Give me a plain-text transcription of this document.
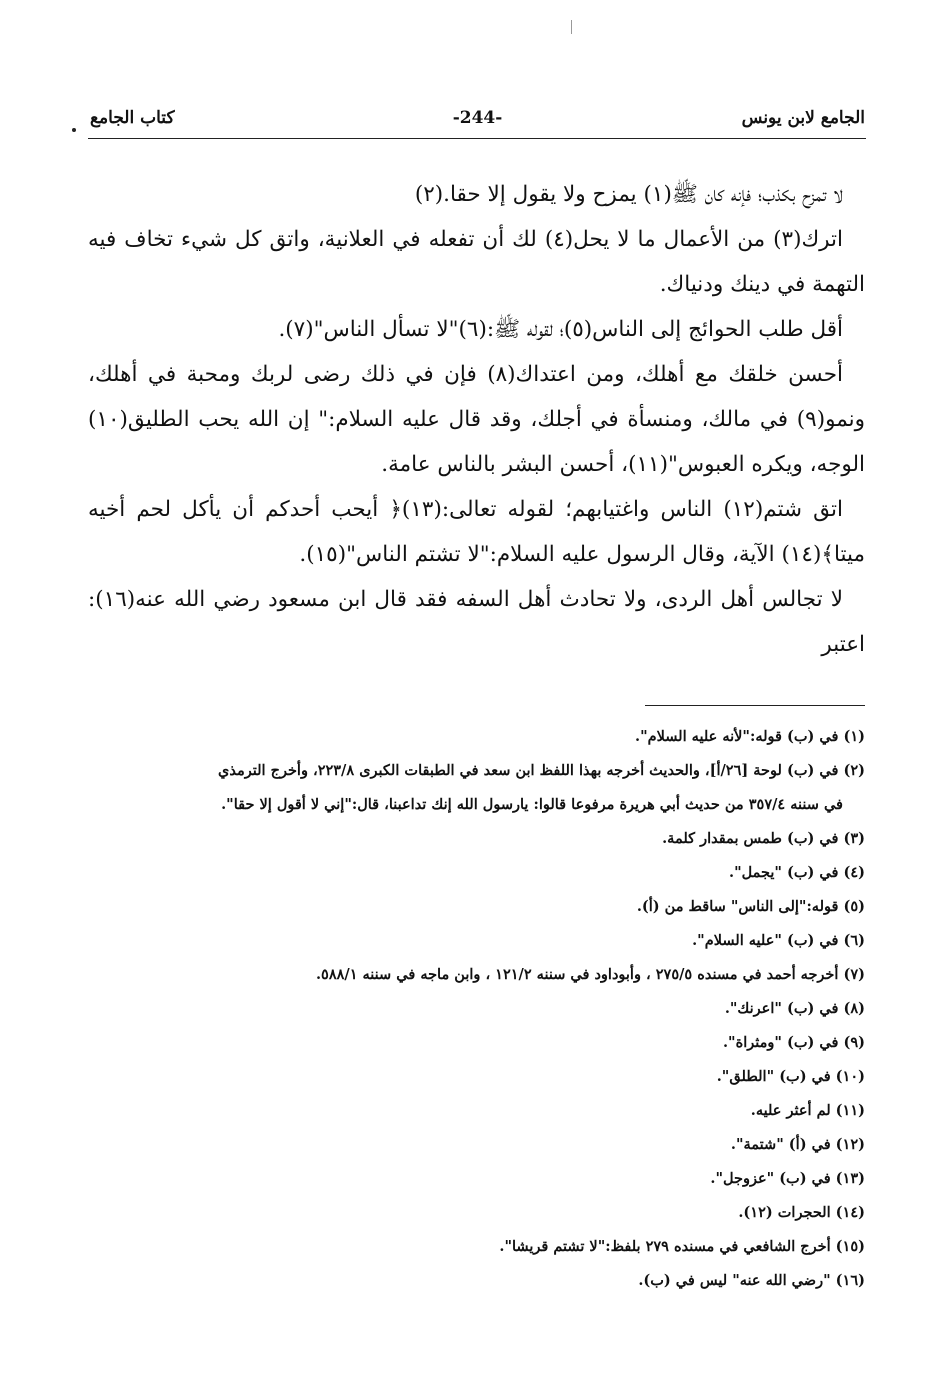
الجامع لابن يونس
-244-
كتاب الجامع

لا تمزح بكذب؛ فإنه كان ﷺ(١) يمزح ولا يقول إلا حقا.(٢)

اترك(٣) من الأعمال ما لا يحل(٤) لك أن تفعله في العلانية، واتق كل شيء تخاف فيه التهمة في دينك ودنياك.

أقل طلب الحوائج إلى الناس(٥)؛ لقوله ﷺ:(٦)"لا تسأل الناس"(٧).

أحسن خلقك مع أهلك، ومن اعتداك(٨) فإن في ذلك رضى لربك ومحبة في أهلك، ونمو(٩) في مالك، ومنسأة في أجلك، وقد قال عليه السلام:" إن الله يحب الطليق(١٠) الوجه، ويكره العبوس"(١١)، أحسن البشر بالناس عامة.

اتق شتم(١٢) الناس واغتيابهم؛ لقوله تعالى:(١٣)﴿ أيحب أحدكم أن يأكل لحم أخيه ميتا﴾(١٤) الآية، وقال الرسول عليه السلام:"لا تشتم الناس"(١٥).

لا تجالس أهل الردى، ولا تحادث أهل السفه فقد قال ابن مسعود رضي الله عنه(١٦): اعتبر

(١) في (ب) قوله:"لأنه عليه السلام".

(٢) في (ب) لوحة [٢٦/أ]، والحديث أخرجه بهذا اللفظ ابن سعد في الطبقات الكبرى ٢٢٣/٨، وأخرج الترمذي

في سننه ٣٥٧/٤ من حديث أبي هريرة مرفوعا قالوا: يارسول الله إنك تداعبنا، قال:"إني لا أقول إلا حقا".

(٣) في (ب) طمس بمقدار كلمة.

(٤) في (ب) "يجمل".

(٥) قوله:"إلى الناس" ساقط من (أ).

(٦) في (ب) "عليه السلام".

(٧) أخرجه أحمد في مسنده ٢٧٥/٥ ، وأبوداود في سننه ١٢١/٢ ، وابن ماجه في سننه ٥٨٨/١.

(٨) في (ب) "اعرنك".

(٩) في (ب) "ومثراة".

(١٠) في (ب) "الطلق".

(١١) لم أعثر عليه.

(١٢) في (أ) "شتمة".

(١٣) في (ب) "عزوجل".

(١٤) الحجرات (١٢).

(١٥) أخرج الشافعي في مسنده ٢٧٩ بلفظ:"لا تشتم قريشا".

(١٦) "رضي الله عنه" ليس في (ب).
